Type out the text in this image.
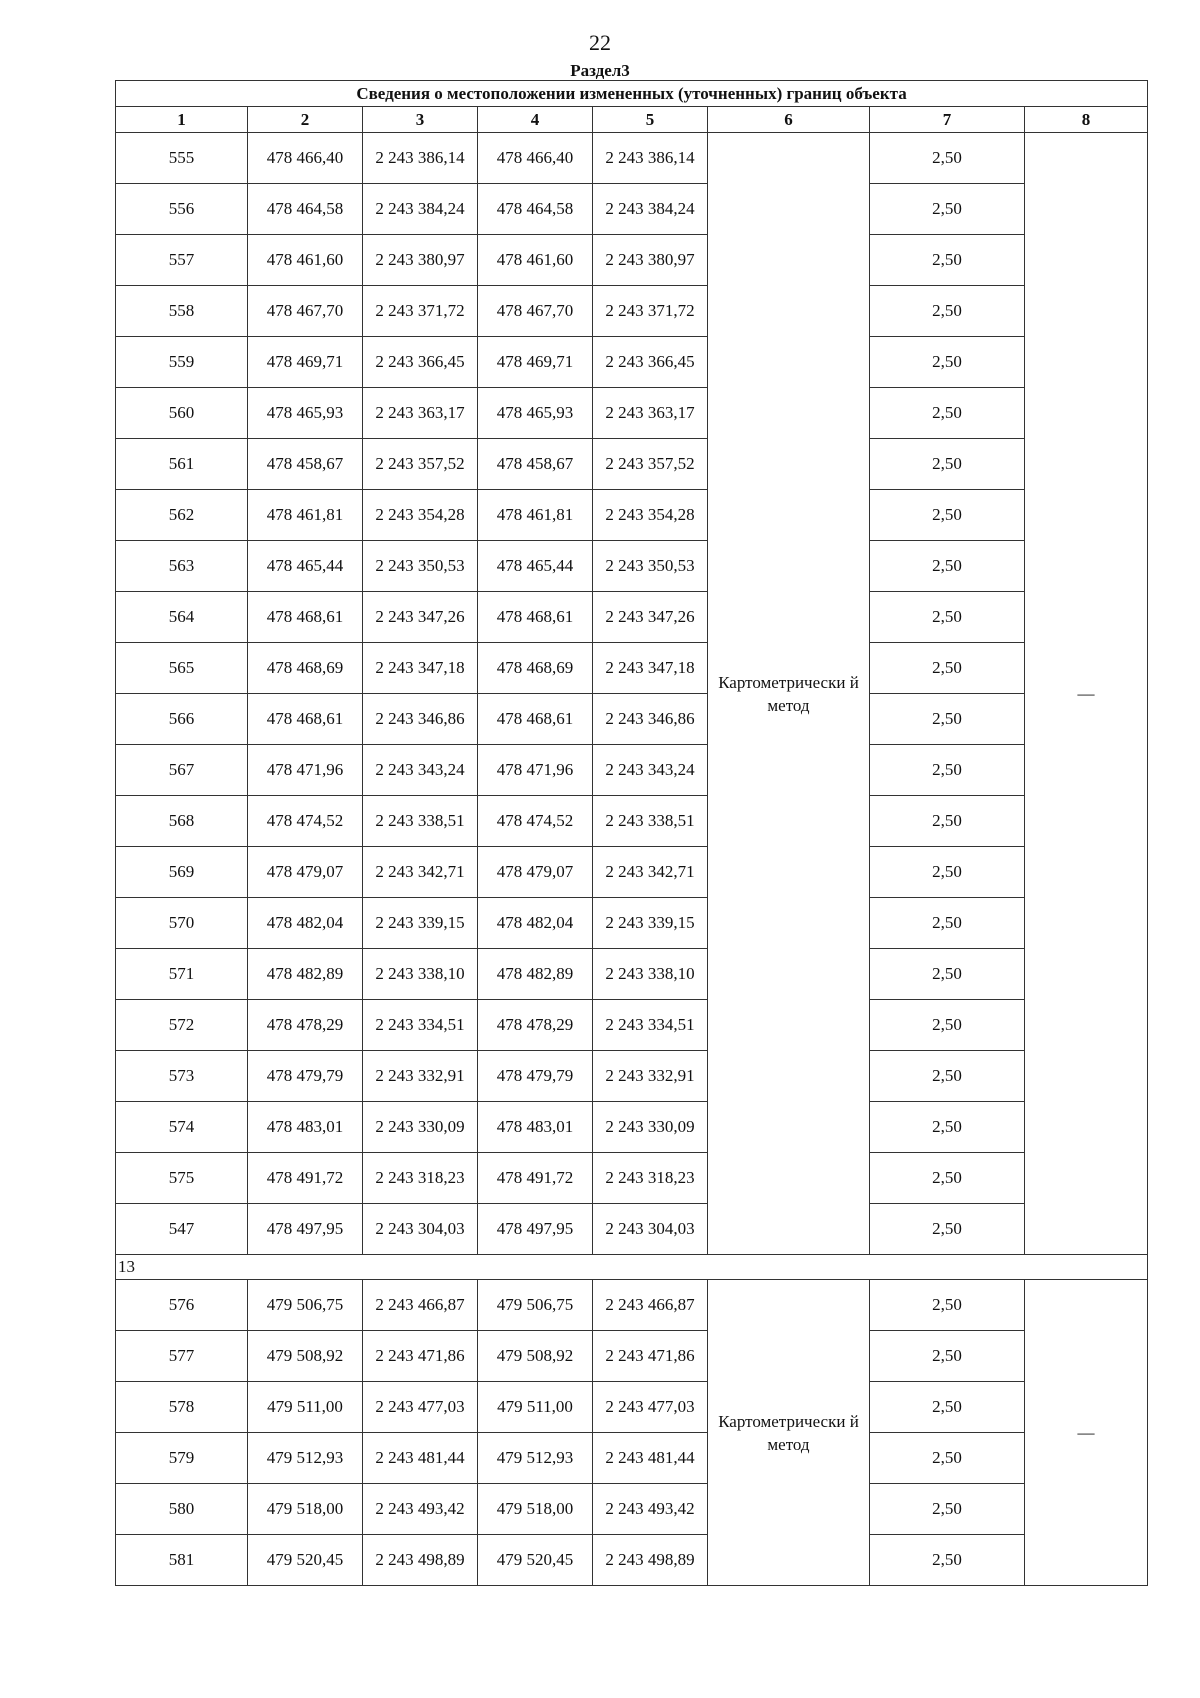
22
Раздел3
Сведения о местоположении измененных (уточненных) границ объекта							
1	2	3	4	5	6	7	8
555	478 466,40	2 243 386,14	478 466,40	2 243 386,14	Картометрически й метод	2,50	—
556	478 464,58	2 243 384,24	478 464,58	2 243 384,24		2,50	
557	478 461,60	2 243 380,97	478 461,60	2 243 380,97		2,50	
558	478 467,70	2 243 371,72	478 467,70	2 243 371,72		2,50	
559	478 469,71	2 243 366,45	478 469,71	2 243 366,45		2,50	
560	478 465,93	2 243 363,17	478 465,93	2 243 363,17		2,50	
561	478 458,67	2 243 357,52	478 458,67	2 243 357,52		2,50	
562	478 461,81	2 243 354,28	478 461,81	2 243 354,28		2,50	
563	478 465,44	2 243 350,53	478 465,44	2 243 350,53		2,50	
564	478 468,61	2 243 347,26	478 468,61	2 243 347,26		2,50	
565	478 468,69	2 243 347,18	478 468,69	2 243 347,18		2,50	
566	478 468,61	2 243 346,86	478 468,61	2 243 346,86		2,50	
567	478 471,96	2 243 343,24	478 471,96	2 243 343,24		2,50	
568	478 474,52	2 243 338,51	478 474,52	2 243 338,51		2,50	
569	478 479,07	2 243 342,71	478 479,07	2 243 342,71		2,50	
570	478 482,04	2 243 339,15	478 482,04	2 243 339,15		2,50	
571	478 482,89	2 243 338,10	478 482,89	2 243 338,10		2,50	
572	478 478,29	2 243 334,51	478 478,29	2 243 334,51		2,50	
573	478 479,79	2 243 332,91	478 479,79	2 243 332,91		2,50	
574	478 483,01	2 243 330,09	478 483,01	2 243 330,09		2,50	
575	478 491,72	2 243 318,23	478 491,72	2 243 318,23		2,50	
547	478 497,95	2 243 304,03	478 497,95	2 243 304,03		2,50	
13							
576	479 506,75	2 243 466,87	479 506,75	2 243 466,87	Картометрически й метод	2,50	—
577	479 508,92	2 243 471,86	479 508,92	2 243 471,86		2,50	
578	479 511,00	2 243 477,03	479 511,00	2 243 477,03		2,50	
579	479 512,93	2 243 481,44	479 512,93	2 243 481,44		2,50	
580	479 518,00	2 243 493,42	479 518,00	2 243 493,42		2,50	
581	479 520,45	2 243 498,89	479 520,45	2 243 498,89		2,50	
